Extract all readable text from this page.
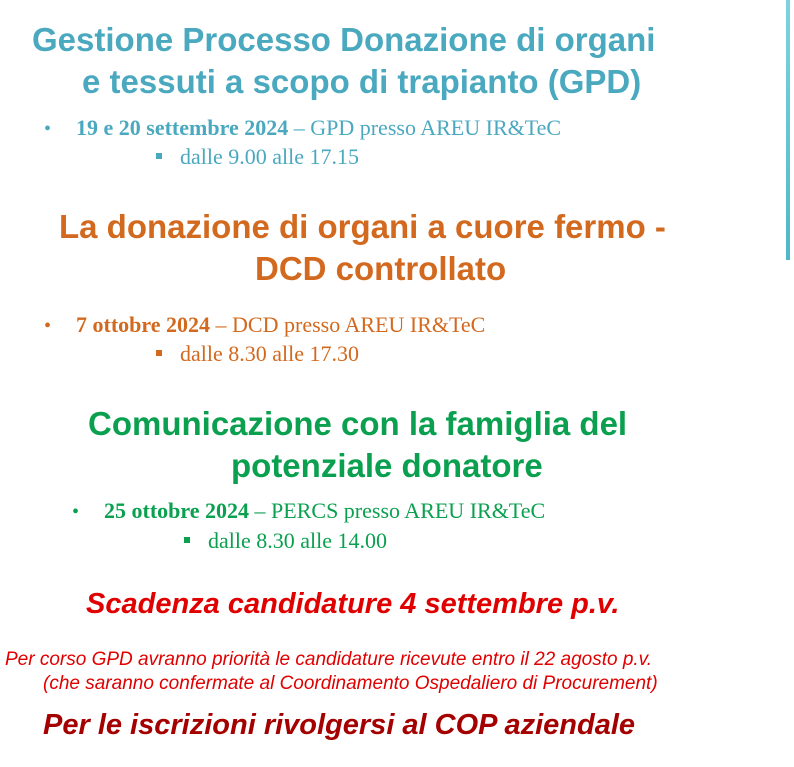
Gestione Processo Donazione di organi
e tessuti a scopo di trapianto (GPD)
• 19 e 20 settembre 2024 – GPD presso AREU IR&TeC
dalle 9.00 alle 17.15
La donazione di organi a cuore fermo -
DCD controllato
• 7 ottobre 2024 – DCD presso AREU IR&TeC
dalle 8.30 alle 17.30
Comunicazione con la famiglia del
potenziale donatore
• 25 ottobre 2024 – PERCS presso AREU IR&TeC
dalle 8.30 alle 14.00
Scadenza candidature 4 settembre p.v.
Per corso GPD avranno priorità le candidature ricevute entro il 22 agosto p.v.
(che saranno confermate al Coordinamento Ospedaliero di Procurement)
Per le iscrizioni rivolgersi al COP aziendale
